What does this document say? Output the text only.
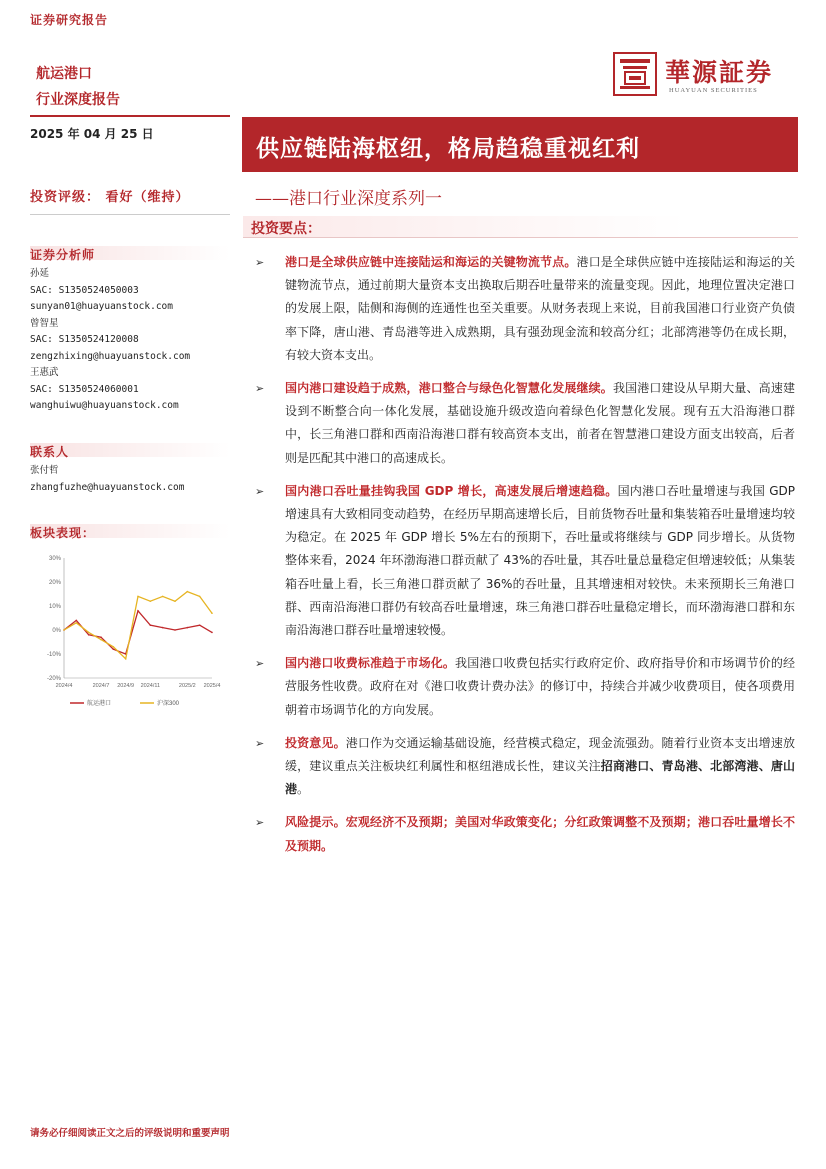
证券研究报告
航运港口
行业深度报告
2025 年 04 月 25 日
投资评级： 看好（维持）
证券分析师
孙延
SAC: S1350524050003
sunyan01@huayuanstock.com
曾智星
SAC: S1350524120008
zengzhixing@huayuanstock.com
王惠武
SAC: S1350524060001
wanghuiwu@huayuanstock.com
联系人
张付哲
zhangfuzhe@huayuanstock.com
板块表现：
30%
20%
10%
0%
-10%
-20%
2024/4	2024/7 2024/9 2024/11	2025/2 2025/4
航运港口	沪深300
華源証券
HUAYUAN SECURITIES
供应链陆海枢纽，格局趋稳重视红利
——港口行业深度系列一
投资要点：
➢ 港口是全球供应链中连接陆运和海运的关键物流节点。港口是全球供应链中连接陆运和海运的关键物流节点，通过前期大量资本支出换取后期吞吐量带来的流量变现。因此，地理位置决定港口的发展上限，陆侧和海侧的连通性也至关重要。从财务表现上来说，目前我国港口行业资产负债率下降，唐山港、青岛港等进入成熟期，具有强劲现金流和较高分红；北部湾港等仍在成长期，有较大资本支出。
➢ 国内港口建设趋于成熟，港口整合与绿色化智慧化发展继续。我国港口建设从早期大量、高速建设到不断整合向一体化发展，基础设施升级改造向着绿色化智慧化发展。现有五大沿海港口群中，长三角港口群和西南沿海港口群有较高资本支出，前者在智慧港口建设方面支出较高，后者则是匹配其中港口的高速成长。
➢ 国内港口吞吐量挂钩我国 GDP 增长，高速发展后增速趋稳。国内港口吞吐量增速与我国 GDP 增速具有大致相同变动趋势，在经历早期高速增长后，目前货物吞吐量和集装箱吞吐量增速均较为稳定。在 2025 年 GDP 增长 5%左右的预期下，吞吐量或将继续与 GDP 同步增长。从货物整体来看，2024 年环渤海港口群贡献了 43%的吞吐量，其吞吐量总量稳定但增速较低；从集装箱吞吐量上看，长三角港口群贡献了 36%的吞吐量，且其增速相对较快。未来预期长三角港口群、西南沿海港口群仍有较高吞吐量增速，珠三角港口群吞吐量稳定增长，而环渤海港口群和东南沿海港口群吞吐量增速较慢。
➢ 国内港口收费标准趋于市场化。我国港口收费包括实行政府定价、政府指导价和市场调节价的经营服务性收费。政府在对《港口收费计费办法》的修订中，持续合并减少收费项目，使各项费用朝着市场调节化的方向发展。
➢ 投资意见。港口作为交通运输基础设施，经营模式稳定，现金流强劲。随着行业资本支出增速放缓，建议重点关注板块红利属性和枢纽港成长性，建议关注招商港口、青岛港、北部湾港、唐山港。
➢ 风险提示。宏观经济不及预期；美国对华政策变化；分红政策调整不及预期；港口吞吐量增长不及预期。
请务必仔细阅读正文之后的评级说明和重要声明
